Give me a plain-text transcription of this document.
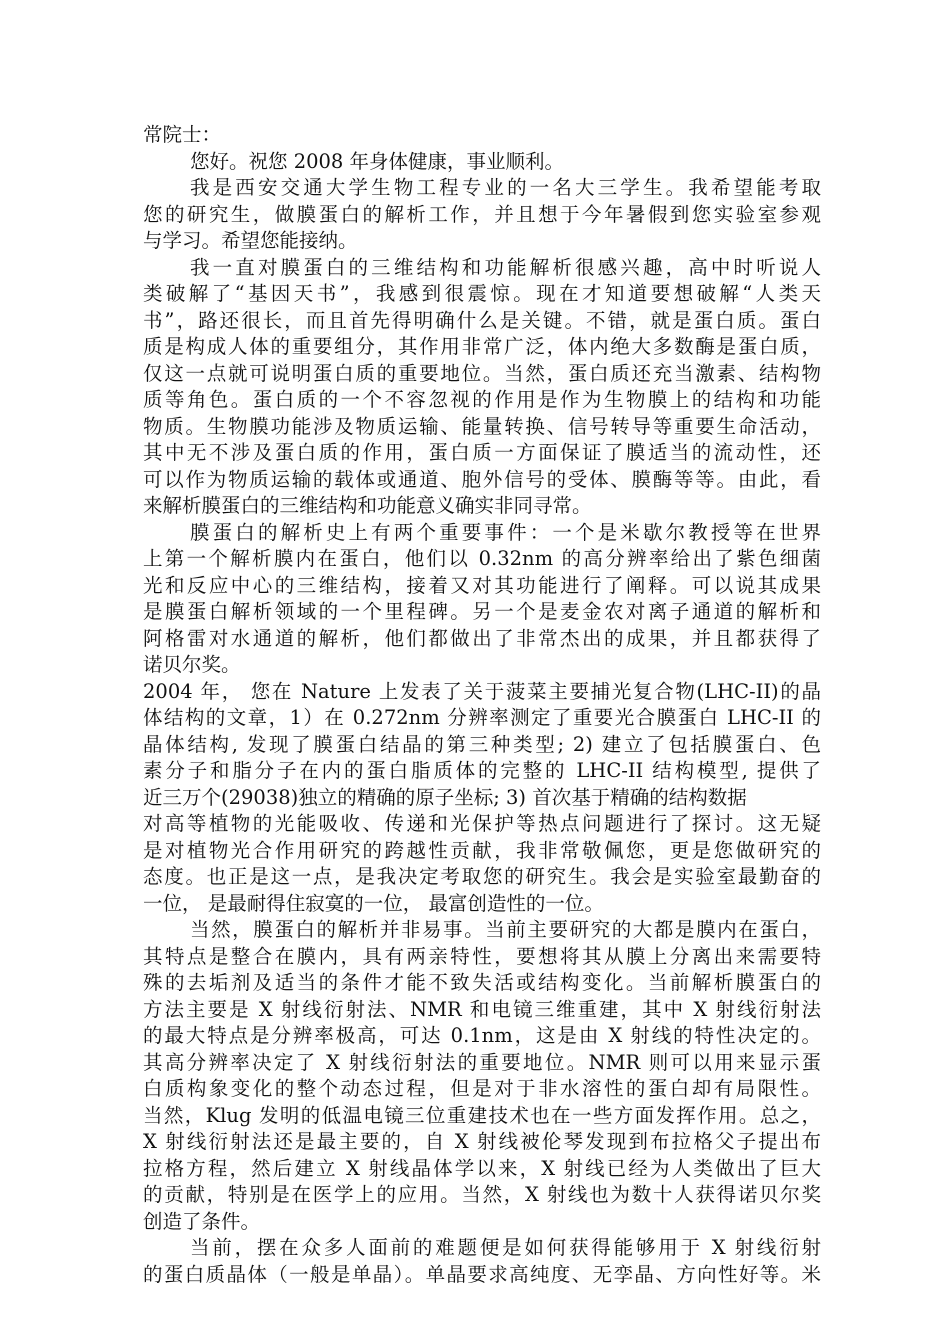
常院士：
您好。祝您 2008 年身体健康，事业顺利。
我是西安交通大学生物工程专业的一名大三学生。我希望能考取
您的研究生，做膜蛋白的解析工作，并且想于今年暑假到您实验室参观
与学习。希望您能接纳。
我一直对膜蛋白的三维结构和功能解析很感兴趣，高中时听说人
类破解了“基因天书”，我感到很震惊。现在才知道要想破解“人类天
书”，路还很长，而且首先得明确什么是关键。不错，就是蛋白质。蛋白
质是构成人体的重要组分，其作用非常广泛，体内绝大多数酶是蛋白质，
仅这一点就可说明蛋白质的重要地位。当然，蛋白质还充当激素、结构物
质等角色。蛋白质的一个不容忽视的作用是作为生物膜上的结构和功能
物质。生物膜功能涉及物质运输、能量转换、信号转导等重要生命活动，
其中无不涉及蛋白质的作用，蛋白质一方面保证了膜适当的流动性，还
可以作为物质运输的载体或通道、胞外信号的受体、膜酶等等。由此，看
来解析膜蛋白的三维结构和功能意义确实非同寻常。
膜蛋白的解析史上有两个重要事件：一个是米歇尔教授等在世界
上第一个解析膜内在蛋白，他们以 0.32nm 的高分辨率给出了紫色细菌
光和反应中心的三维结构，接着又对其功能进行了阐释。可以说其成果
是膜蛋白解析领域的一个里程碑。另一个是麦金农对离子通道的解析和
阿格雷对水通道的解析，他们都做出了非常杰出的成果，并且都获得了
诺贝尔奖。
2004 年， 您在 Nature 上发表了关于菠菜主要捕光复合物(LHC-II)的晶
体结构的文章，1）在 0.272nm 分辨率测定了重要光合膜蛋白 LHC-II 的
晶体结构, 发现了膜蛋白结晶的第三种类型; 2) 建立了包括膜蛋白、色
素分子和脂分子在内的蛋白脂质体的完整的 LHC-II 结构模型, 提供了
近三万个(29038)独立的精确的原子坐标; 3) 首次基于精确的结构数据
对高等植物的光能吸收、传递和光保护等热点问题进行了探讨。这无疑
是对植物光合作用研究的跨越性贡献，我非常敬佩您，更是您做研究的
态度。也正是这一点，是我决定考取您的研究生。我会是实验室最勤奋的
一位， 是最耐得住寂寞的一位， 最富创造性的一位。
当然，膜蛋白的解析并非易事。当前主要研究的大都是膜内在蛋白，
其特点是整合在膜内，具有两亲特性，要想将其从膜上分离出来需要特
殊的去垢剂及适当的条件才能不致失活或结构变化。当前解析膜蛋白的
方法主要是 X 射线衍射法、NMR 和电镜三维重建，其中 X 射线衍射法
的最大特点是分辨率极高，可达 0.1nm，这是由 X 射线的特性决定的。
其高分辨率决定了 X 射线衍射法的重要地位。NMR 则可以用来显示蛋
白质构象变化的整个动态过程，但是对于非水溶性的蛋白却有局限性。
当然，Klug 发明的低温电镜三位重建技术也在一些方面发挥作用。总之，
X 射线衍射法还是最主要的，自 X 射线被伦琴发现到布拉格父子提出布
拉格方程，然后建立 X 射线晶体学以来，X 射线已经为人类做出了巨大
的贡献，特别是在医学上的应用。当然，X 射线也为数十人获得诺贝尔奖
创造了条件。
当前，摆在众多人面前的难题便是如何获得能够用于 X 射线衍射
的蛋白质晶体（一般是单晶）。单晶要求高纯度、无孪晶、方向性好等。米
